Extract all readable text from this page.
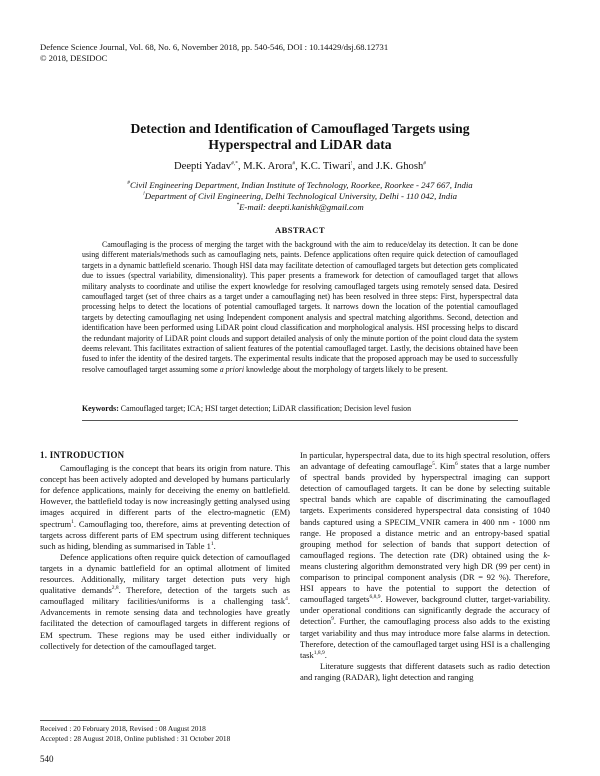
Defence Science Journal, Vol. 68, No. 6, November 2018, pp. 540-546, DOI : 10.14429/dsj.68.12731
© 2018, DESIDOC
Detection and Identification of Camouflaged Targets using
Hyperspectral and LiDAR data
Deepti Yadav#,*, M.K. Arora#, K.C. Tiwari!, and J.K. Ghosh#
#Civil Engineering Department, Indian Institute of Technology, Roorkee, Roorkee - 247 667, India
!Department of Civil Engineering, Delhi Technological University, Delhi - 110 042, India
*E-mail: deepti.kanishk@gmail.com
ABSTRACT

Camouflaging is the process of merging the target with the background with the aim to reduce/delay its detection. It can be done using different materials/methods such as camouflaging nets, paints. Defence applications often require quick detection of camouflaged targets in a dynamic battlefield scenario. Though HSI data may facilitate detection of camouflaged targets but detection gets complicated due to issues (spectral variability, dimensionality). This paper presents a framework for detection of camouflaged target that allows military analysts to coordinate and utilise the expert knowledge for resolving camouflaged targets using remotely sensed data. Desired camouflaged target (set of three chairs as a target under a camouflaging net) has been resolved in three steps: First, hyperspectral data processing helps to detect the locations of potential camouflaged targets. It narrows down the location of the potential camouflaged targets by detecting camouflaging net using Independent component analysis and spectral matching algorithms. Second, detection and identification have been performed using LiDAR point cloud classification and morphological analysis. HSI processing helps to discard the redundant majority of LiDAR point clouds and support detailed analysis of only the minute portion of the point cloud data the system deems relevant. This facilitates extraction of salient features of the potential camouflaged target. Lastly, the decisions obtained have been fused to infer the identity of the desired targets. The experimental results indicate that the proposed approach may be used to successfully resolve camouflaged target assuming some a priori knowledge about the morphology of targets likely to be present.

Keywords: Camouflaged target; ICA; HSI target detection; LiDAR classification; Decision level fusion
1. INTRODUCTION

Camouflaging is the concept that bears its origin from nature. This concept has been actively adopted and developed by humans particularly for defence applications, mainly for deceiving the enemy on battlefield. However, the battlefield today is now increasingly getting analysed using images acquired in different parts of the electro-magnetic (EM) spectrum$^1$. Camouflaging too, therefore, aims at preventing detection of targets across different parts of EM spectrum using different techniques such as hiding, blending as summarised in Table $1^1$.

Defence applications often require quick detection of camouflaged targets in a dynamic battlefield for an optimal allotment of limited resources. Additionally, military target detection puts very high qualitative demands$^{2,8}$. Therefore, detection of the targets such as camouflaged military facilities/uniforms is a challenging task$^4$. Advancements in remote sensing data and technologies have greatly facilitated the detection of camouflaged targets in different regions of EM spectrum. These regions may be used either individually or collectively for detection of the camouflaged target.

In particular, hyperspectral data, due to its high spectral resolution, offers an advantage of defeating camouflage$^5$. Kim$^6$ states that a large number of spectral bands provided by hyperspectral imaging can support detection of camouflaged targets. It can be done by selecting suitable spectral bands which are capable of discriminating the camouflaged targets. Experiments considered hyperspectral data consisting of 1040 bands captured using a SPECIM_VNIR camera in 400 nm - 1000 nm range. He proposed a distance metric and an entropy-based spatial grouping method for selection of bands that support detection of camouflaged regions. The detection rate (DR) obtained using the k-means clustering algorithm demonstrated very high DR (99 per cent) in comparison to principal component analysis (DR = 92 %). Therefore, HSI appears to have the potential to support the detection of camouflaged targets$^{6,8,9}$. However, background clutter, target-variability. under operational conditions can significantly degrade the accuracy of detection$^9$. Further, the camouflaging process also adds to the existing target variability and thus may introduce more false alarms in detection. Therefore, detection of the camouflaged target using HSI is a challenging task$^{1,8,9}$.

Literature suggests that different datasets such as radio detection and ranging (RADAR), light detection and ranging

Received : 20 February 2018, Revised : 08 August 2018
Accepted : 28 August 2018, Online published : 31 October 2018
540
